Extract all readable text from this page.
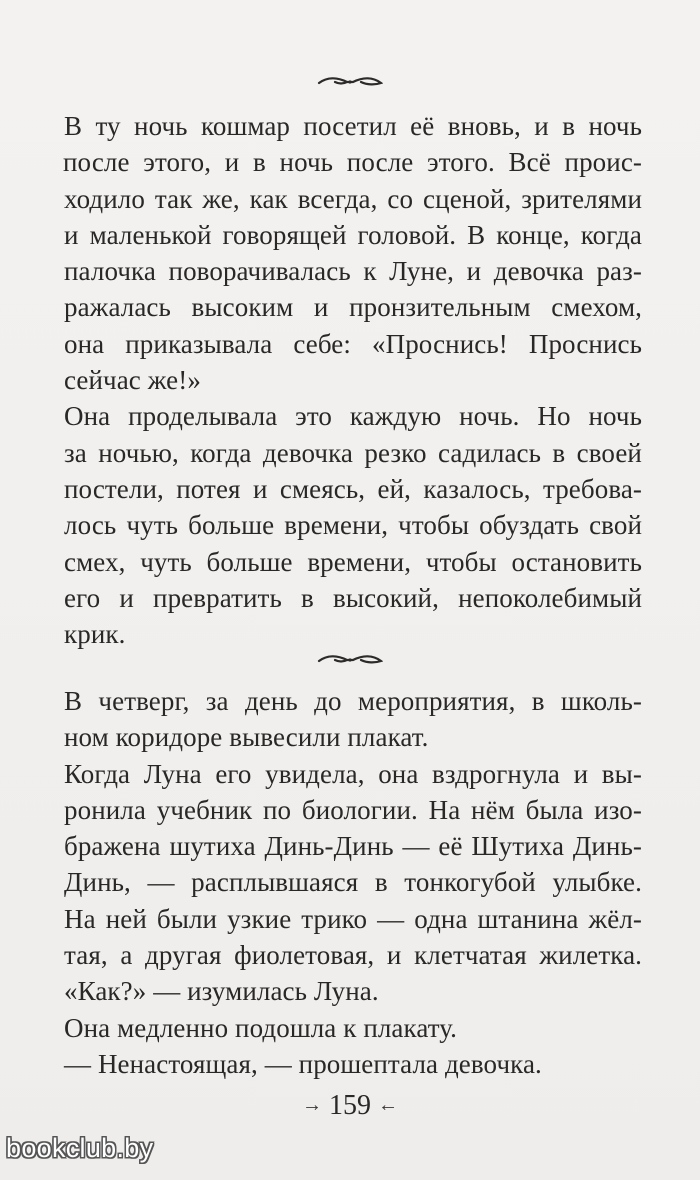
В ту ночь кошмар посетил её вновь, и в ночь
после этого, и в ночь после этого. Всё проис-
ходило так же, как всегда, со сценой, зрителями
и маленькой говорящей головой. В конце, когда
палочка поворачивалась к Луне, и девочка раз-
ражалась высоким и пронзительным смехом,
она приказывала себе: «Проснись! Проснись
сейчас же!»
Она проделывала это каждую ночь. Но ночь
за ночью, когда девочка резко садилась в своей
постели, потея и смеясь, ей, казалось, требова-
лось чуть больше времени, чтобы обуздать свой
смех, чуть больше времени, чтобы остановить
его и превратить в высокий, непоколебимый
крик.
В четверг, за день до мероприятия, в школь-
ном коридоре вывесили плакат.
Когда Луна его увидела, она вздрогнула и вы-
ронила учебник по биологии. На нём была изо-
бражена шутиха Динь-Динь — её Шутиха Динь-
Динь, — расплывшаяся в тонкогубой улыбке.
На ней были узкие трико — одна штанина жёл-
тая, а другая фиолетовая, и клетчатая жилетка.
«Как?» — изумилась Луна.
Она медленно подошла к плакату.
— Ненастоящая, — прошептала девочка.
→ 159 ←
bookclub.by
